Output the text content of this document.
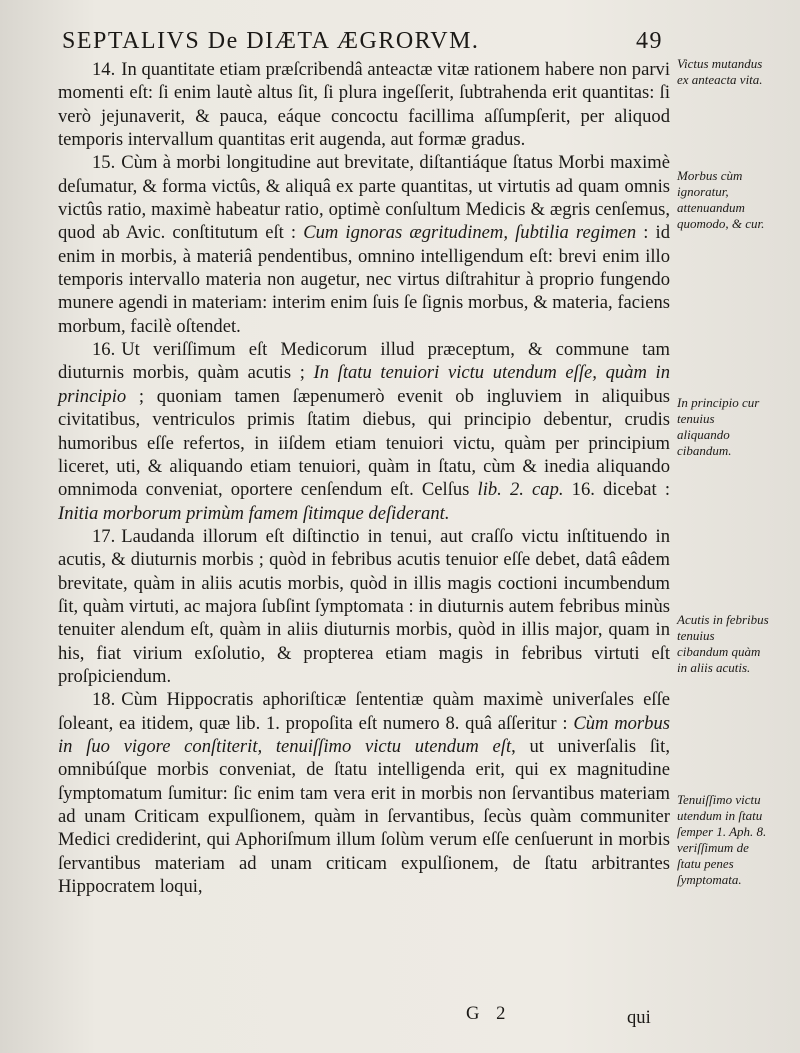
SEPTALIVS De DIÆTA ÆGRORVM.	49

14. In quantitate etiam præſcribendâ anteactæ vitæ rationem habere non parvi momenti eſt: ſi enim lautè altus ſit, ſi plura ingeſſerit, ſubtrahenda erit quantitas: ſi verò jejunaverit, & pauca, eáque concoctu facillima aſſumpſerit, per aliquod temporis intervallum quantitas erit augenda, aut formæ gradus.

15. Cùm à morbi longitudine aut brevitate, diſtantiáque ſtatus Morbi maximè deſumatur, & forma victûs, & aliquâ ex parte quantitas, ut virtutis ad quam omnis victûs ratio, maximè habeatur ratio, optimè conſultum Medicis & ægris cenſemus, quod ab Avic. conſtitutum eſt : Cum ignoras ægritudinem, ſubtilia regimen : id enim in morbis, à materiâ pendentibus, omnino intelligendum eſt: brevi enim illo temporis intervallo materia non augetur, nec virtus diſtrahitur à proprio fungendo munere agendi in materiam: interim enim ſuis ſe ſignis morbus, & materia, faciens morbum, facilè oſtendet.

16. Ut veriſſimum eſt Medicorum illud præceptum, & commune tam diuturnis morbis, quàm acutis ; In ſtatu tenuiori victu utendum eſſe, quàm in principio ; quoniam tamen ſæpenumerò evenit ob ingluviem in aliquibus civitatibus, ventriculos primis ſtatim diebus, qui principio debentur, crudis humoribus eſſe refertos, in iiſdem etiam tenuiori victu, quàm per principium liceret, uti, & aliquando etiam tenuiori, quàm in ſtatu, cùm & inedia aliquando omnimoda conveniat, oportere cenſendum eſt. Celſus lib. 2. cap. 16. dicebat : Initia morborum primùm famem ſitimque deſiderant.

17. Laudanda illorum eſt diſtinctio in tenui, aut craſſo victu inſtituendo in acutis, & diuturnis morbis ; quòd in febribus acutis tenuior eſſe debet, datâ eâdem brevitate, quàm in aliis acutis morbis, quòd in illis magis coctioni incumbendum ſit, quàm virtuti, ac majora ſubſint ſymptomata : in diuturnis autem febribus minùs tenuiter alendum eſt, quàm in aliis diuturnis morbis, quòd in illis major, quam in his, fiat virium exſolutio, & propterea etiam magis in febribus virtuti eſt proſpiciendum.

18. Cùm Hippocratis aphoriſticæ ſententiæ quàm maximè univerſales eſſe ſoleant, ea itidem, quæ lib. 1. propoſita eſt numero 8. quâ aſſeritur : Cùm morbus in ſuo vigore conſtiterit, tenuiſſimo victu utendum eſt, ut univerſalis ſit, omnibúſque morbis conveniat, de ſtatu intelligenda erit, qui ex magnitudine ſymptomatum ſumitur: ſic enim tam vera erit in morbis non ſervantibus materiam ad unam Criticam expulſionem, quàm in ſervantibus, ſecùs quàm communiter Medici crediderint, qui Aphoriſmum illum ſolùm verum eſſe cenſuerunt in morbis ſervantibus materiam ad unam criticam expulſionem, de ſtatu arbitrantes Hippocratem loqui,

Victus mutandus ex anteacta vita.
Morbus cùm ignoratur, attenuandum quomodo, & cur.
In principio cur tenuius aliquando cibandum.
Acutis in febribus tenuius cibandum quàm in aliis acutis.
Tenuiſſimo victu utendum in ſtatu ſemper 1. Aph. 8. veriſſimum de ſtatu penes ſymptomata.
G 2	qui
